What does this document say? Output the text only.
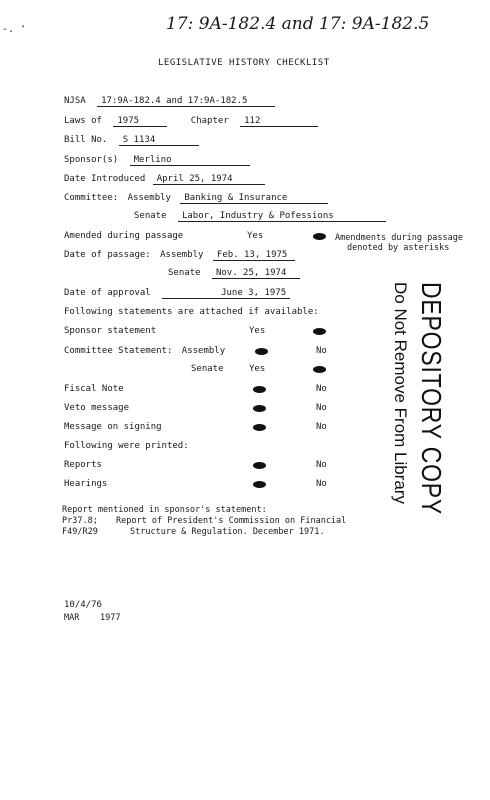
-. '	17: 9A-182.4 and 17: 9A-182.5
LEGISLATIVE HISTORY CHECKLIST
NJSA 17:9A-182.4 and 17:9A-182.5
Laws of 1975	Chapter 112
Bill No. S 1134
Sponsor(s) Merlino
Date Introduced April 25, 1974
Committee: Assembly Banking & Insurance
Senate Labor, Industry & Pofessions
Amended during passage	Yes	Amendments during passage
denoted by asterisks
Date of passage: Assembly Feb. 13, 1975
Senate Nov. 25, 1974
Date of approval	June 3, 1975
Following statements are attached if available:
Sponsor statement	Yes
Committee Statement: Assembly	No
Senate	Yes
Fiscal Note	No
Veto message	No
Message on signing	No
Following were printed:
Reports	No
Hearings	No
Report mentioned in sponsor's statement:
Pr37.8; Report of President's Commission on Financial
F49/R29	Structure & Regulation. December 1971.
DEPOSITORY COPY
Do Not Remove From Library
10/4/76
MAR 1977
